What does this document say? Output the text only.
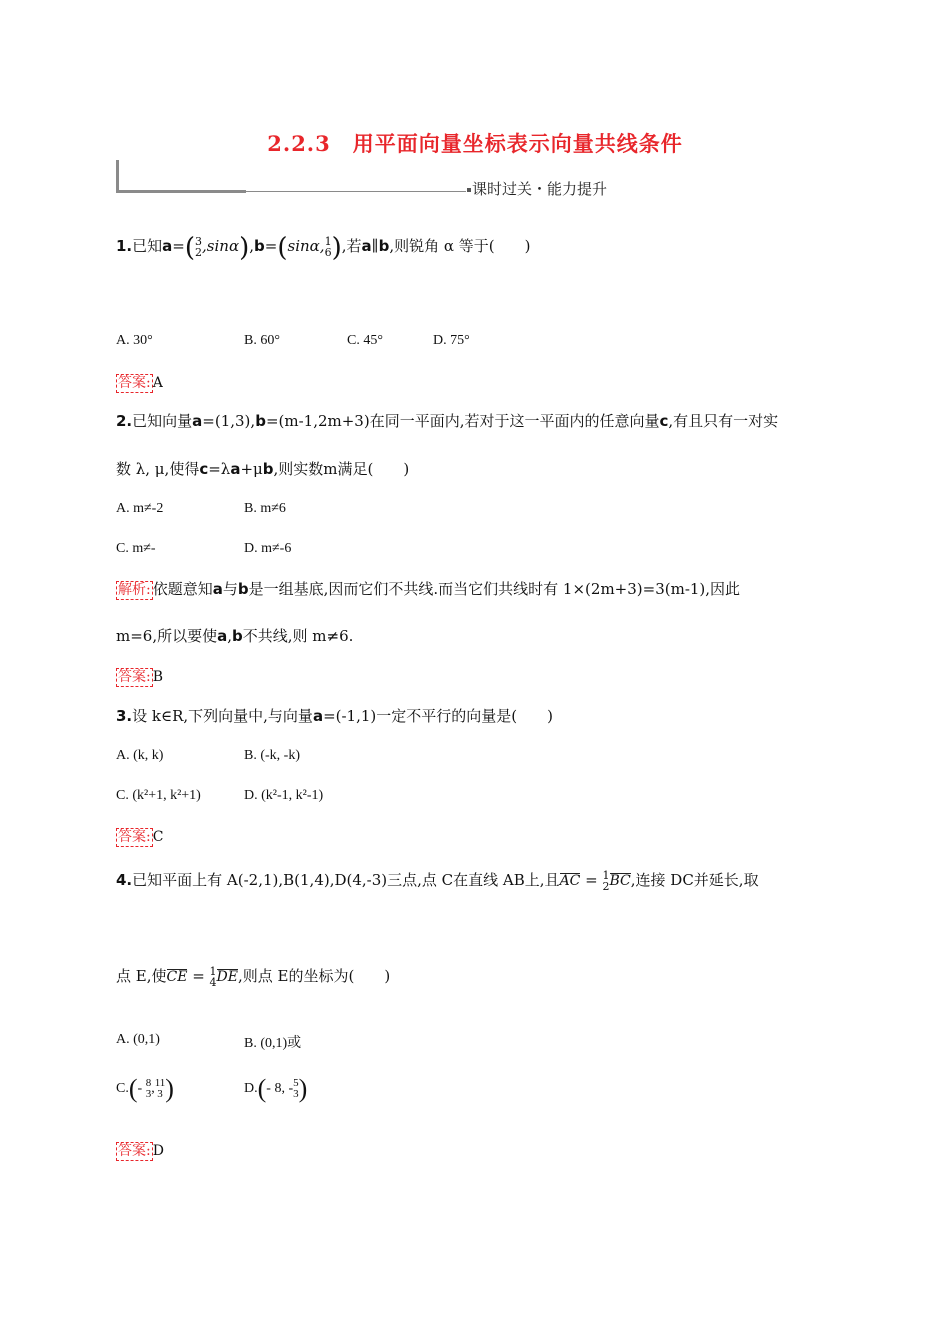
2.2.3　用平面向量坐标表示向量共线条件
课时过关・能力提升
1.已知a=( 3
2 ,sinα),b=(sinα, 1
6 ),若a∥b,则锐角 α 等于(　　)
A. 30°	B. 60°	C. 45°	D. 75°
答案: A
2.已知向量a=(1,3),b=(m-1,2m+3)在同一平面内,若对于这一平面内的任意向量c,有且只有一对实
数 λ, μ,使得c=λa+μb,则实数m满足(　　)
A. m≠-2	B. m≠6
C. m≠-	D. m≠-6
解析: 依题意知a与b是一组基底,因而它们不共线.而当它们共线时有 1×(2m+3)=3(m-1),因此
m=6,所以要使a,b不共线,则 m≠6.
答案: B
3.设 k∈R,下列向量中,与向量a=(-1,1)一定不平行的向量是(　　)
A. (k, k)	B. (-k, -k)
C. (k²+1, k²+1)	D. (k²-1, k²-1)
答案: C
4.已知平面上有 A(-2,1),B(1,4),D(4,-3)三点,点 C在直线 AB上,且AC = 1
2 BC,连接 DC并延长,取
点 E,使CE = 1
4 DE,则点 E的坐标为(　　)
A. (0,1)	B. (0,1)或
C.(- 8
3 , 11
3 )	D.(- 8, - 5
3 )
答案: D
